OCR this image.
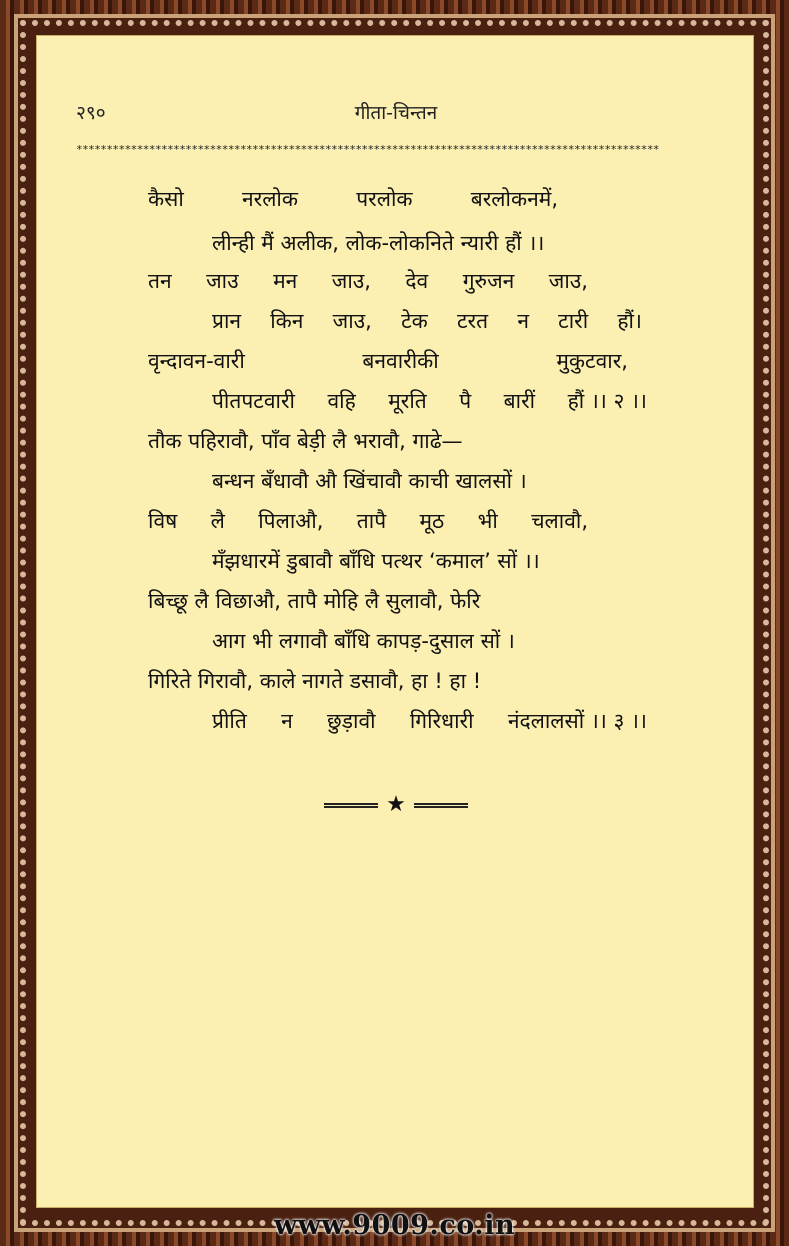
२९०	गीता-चिन्तन
************************************************************************************************
कैसो	नरलोक	परलोक	बरलोकनमें,
लीन्ही मैं अलीक, लोक-लोकनिते न्यारी हौं ।।
तन जाउ मन जाउ, देव गुरुजन जाउ,
प्रान किन जाउ, टेक टरत न टारी हौं।
वृन्दावन-वारी	बनवारीकी	मुकुटवार,
पीतपटवारी वहि मूरति पै बारीं हौं ।। २ ।।
तौक पहिरावौ, पाँव बेड़ी लै भरावौ, गाढे—
बन्धन बँधावौ औ खिंचावौ काची खालसों ।
विष लै पिलाऔ, तापै मूठ भी चलावौ,
मँझधारमें डुबावौ बाँधि पत्थर ‘कमाल’ सों ।।
बिच्छू लै विछाऔ, तापै मोहि लै सुलावौ, फेरि
आग भी लगावौ बाँधि कापड़-दुसाल सों ।
गिरिते गिरावौ, काले नागते डसावौ, हा ! हा !
प्रीति न छुड़ावौ गिरिधारी नंदलालसों ।। ३ ।।
★
www.9009.co.in
